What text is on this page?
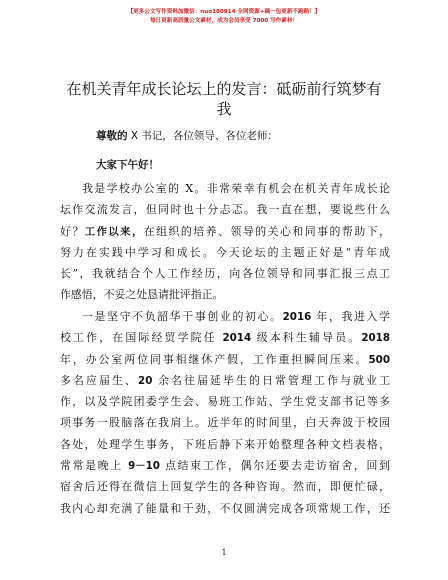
【更多公文写作资料加微信：nuo180914 全网资源+稿一包更新不跑路！】
每日更新高质量公文素材，成为会员享受 7000 写作素材！
在机关青年成长论坛上的发言：砥砺前行筑梦有我
尊敬的 X 书记，各位领导、各位老师：
大家下午好！
我是学校办公室的 X。非常荣幸有机会在机关青年成长论
坛作交流发言，但同时也十分忐忑。我一直在想，要说些什么
好？工作以来，在组织的培养、领导的关心和同事的帮助下，
努力在实践中学习和成长。今天论坛的主题正好是“青年成
长”，我就结合个人工作经历，向各位领导和同事汇报三点工
作感悟，不妥之处恳请批评指正。
一是坚守不负韶华干事创业的初心。2016 年，我进入学
校工作，在国际经贸学院任 2014 级本科生辅导员。2018
年，办公室两位同事相继休产假，工作重担瞬间压来。500
多名应届生、20 余名往届延毕生的日常管理工作与就业工
作，以及学院团委学生会、易班工作站、学生党支部书记等多
项事务一股脑落在我肩上。近半年的时间里，白天奔波于校园
各处，处理学生事务，下班后静下来开始整理各种文档表格，
常常是晚上 9－10 点结束工作，偶尔还要去走访宿舍，回到
宿舍后还得在微信上回复学生的各种咨询。然而，即便忙碌，
我内心却充满了能量和干劲，不仅圆满完成各项常规工作，还
1
